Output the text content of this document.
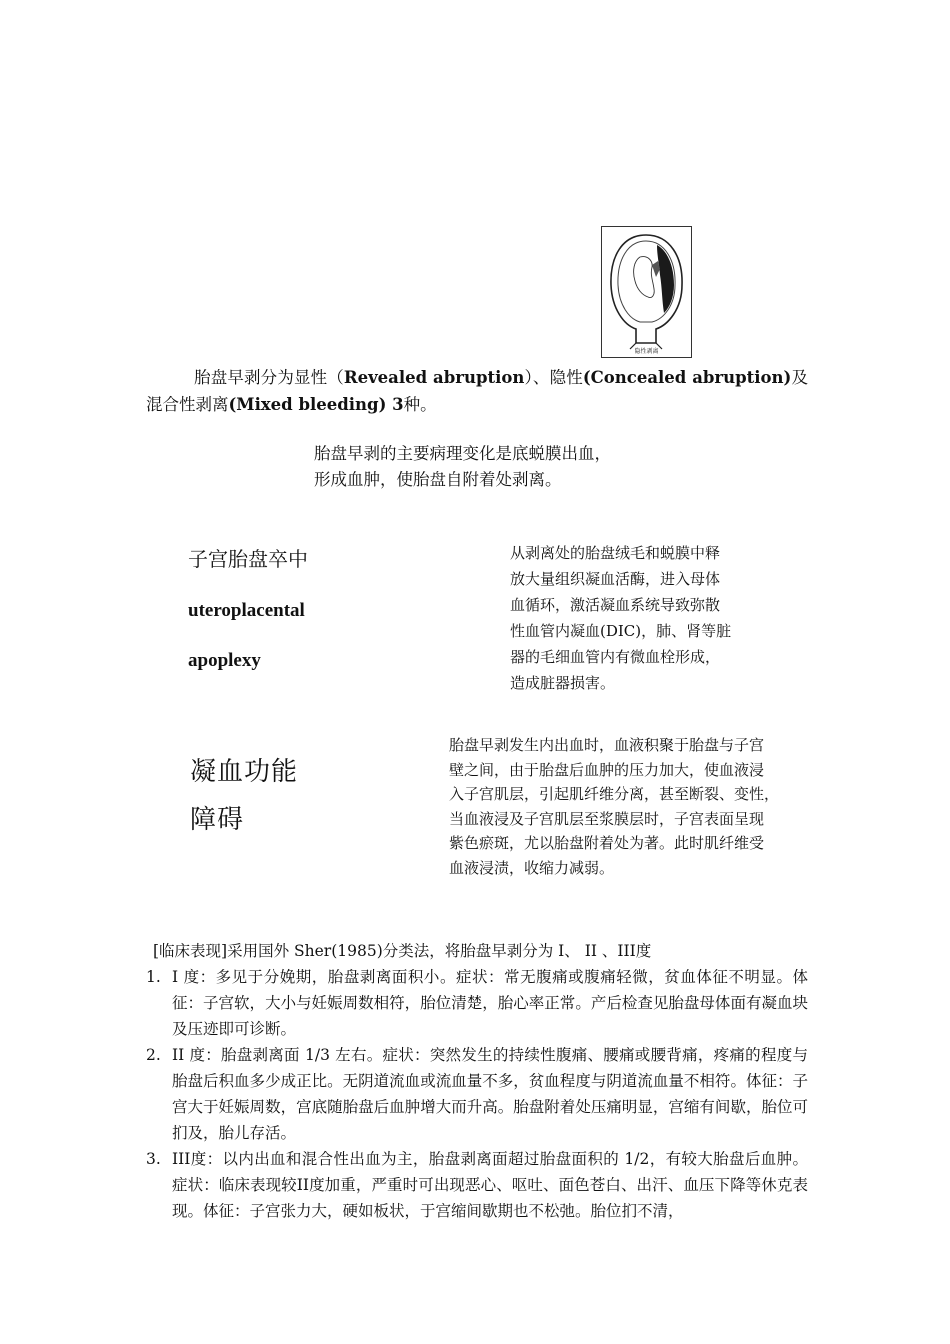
隐性剥离
胎盘早剥分为显性（Revealed abruption）、隐性(Concealed abruption)及混合性剥离(Mixed bleeding) 3种。
胎盘早剥的主要病理变化是底蜕膜出血，
形成血肿，使胎盘自附着处剥离。
子宫胎盘卒中
uteroplacental
apoplexy
从剥离处的胎盘绒毛和蜕膜中释
放大量组织凝血活酶，进入母体
血循环，激活凝血系统导致弥散
性血管内凝血(DIC)，肺、肾等脏
器的毛细血管内有微血栓形成，
造成脏器损害。
凝血功能
障碍
胎盘早剥发生内出血时，血液积聚于胎盘与子宫
壁之间，由于胎盘后血肿的压力加大，使血液浸
入子宫肌层，引起肌纤维分离，甚至断裂、变性，
当血液浸及子宫肌层至浆膜层时，子宫表面呈现
紫色瘀斑，尤以胎盘附着处为著。此时肌纤维受
血液浸渍，收缩力减弱。
[临床表现]采用国外 Sher(1985)分类法，将胎盘早剥分为 I、 II 、III度
1. I 度：多见于分娩期，胎盘剥离面积小。症状：常无腹痛或腹痛轻微，贫血体征不明显。体征：子宫软，大小与妊娠周数相符，胎位清楚，胎心率正常。产后检查见胎盘母体面有凝血块及压迹即可诊断。
2. II 度：胎盘剥离面 1/3 左右。症状：突然发生的持续性腹痛、腰痛或腰背痛，疼痛的程度与胎盘后积血多少成正比。无阴道流血或流血量不多，贫血程度与阴道流血量不相符。体征：子宫大于妊娠周数，宫底随胎盘后血肿增大而升高。胎盘附着处压痛明显，宫缩有间歇，胎位可扪及，胎儿存活。
3. III度：以内出血和混合性出血为主，胎盘剥离面超过胎盘面积的 1/2，有较大胎盘后血肿。症状：临床表现较II度加重，严重时可出现恶心、呕吐、面色苍白、出汗、血压下降等休克表现。体征：子宫张力大，硬如板状，于宫缩间歇期也不松弛。胎位扪不清，
